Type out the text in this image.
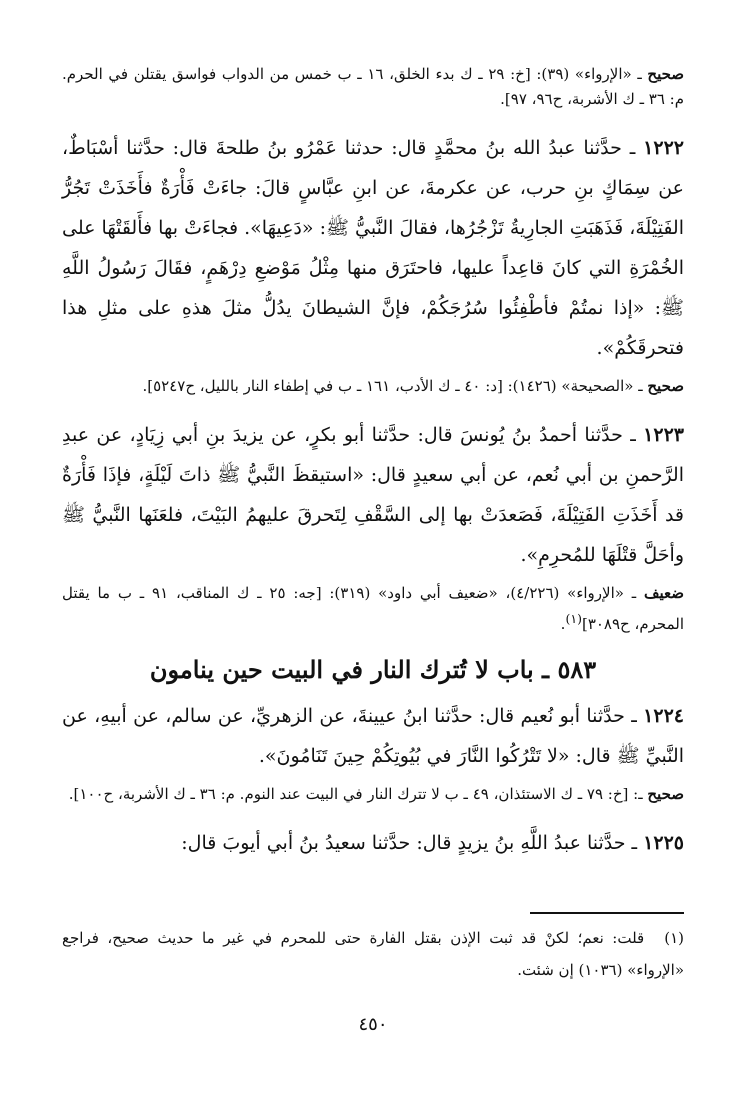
صحيح ـ «الإرواء» (٣٩): [خ: ٢٩ ـ ك بدء الخلق، ١٦ ـ ب خمس من الدواب فواسق يقتلن في الحرم. م: ٣٦ ـ ك الأشربة، ح٩٦، ٩٧].
١٢٢٢ ـ حدَّثنا عبدُ الله بنُ محمَّدٍ قال: حدثنا عَمْرُو بنُ طلحةَ قال: حدَّثنا أسْبَاطٌ، عن سِمَاكٍ بنِ حرب، عن عكرمةَ، عن ابنِ عبَّاسٍ قالَ: جاءَتْ فَأْرَةٌ فأَخَذَتْ تَجُرُّ الفَتِيْلَةَ، فَذَهَبَتِ الجارِيةُ تَزْجُرُها، فقالَ النَّبيُّ ﷺ: «دَعِيهَا». فجاءَتْ بها فأَلقَتْهَا على الخُمْرَةِ التي كانَ قاعِداً عليها، فاحتَرَق منها مِثْلُ مَوْضعِ دِرْهَمٍ، فقَالَ رَسُولُ اللَّهِ ﷺ: «إذا نمتُمْ فأطْفِئُوا سُرُجَكُمْ، فإنَّ الشيطانَ يدُلُّ مثلَ هذهِ على مثلِ هذا فتحرقَكُمْ».
صحيح ـ «الصحيحة» (١٤٢٦): [د: ٤٠ ـ ك الأدب، ١٦١ ـ ب في إطفاء النار بالليل، ح٥٢٤٧].
١٢٢٣ ـ حدَّثنا أحمدُ بنُ يُونسَ قال: حدَّثنا أبو بكرٍ، عن يزيدَ بنِ أبي زِيَادٍ، عن عبدِ الرَّحمنِ بن أبي نُعم، عن أبي سعيدٍ قال: «استيقظَ النَّبيُّ ﷺ ذاتَ لَيْلَةٍ، فإذَا فَأْرَةٌ قد أَخَذَتِ الفَتِيْلَةَ، فَصَعدَتْ بها إلى السَّقْفِ لِتَحرقَ عليهمُ البَيْتَ، فلعَنَها النَّبيُّ ﷺ وأحَلَّ قتْلَهَا للمُحرِمِ».
ضعيف ـ «الإرواء» (٤/٢٢٦)، «ضعيف أبي داود» (٣١٩): [جه: ٢٥ ـ ك المناقب، ٩١ ـ ب ما يقتل المحرم، ح٣٠٨٩]$^{(١)}$.
٥٨٣ ـ باب لا تُترك النار في البيت حين ينامون
١٢٢٤ ـ حدَّثنا أبو نُعيم قال: حدَّثنا ابنُ عيينةَ، عن الزهريِّ، عن سالم، عن أبيهِ، عن النَّبيِّ ﷺ قال: «لا تَتْرُكُوا النَّارَ في بُيُوتِكُمْ حِينَ تَنَامُونَ».
صحيح ـ: [خ: ٧٩ ـ ك الاستئذان، ٤٩ ـ ب لا تترك النار في البيت عند النوم. م: ٣٦ ـ ك الأشربة، ح١٠٠].
١٢٢٥ ـ حدَّثنا عبدُ اللَّهِ بنُ يزيدٍ قال: حدَّثنا سعيدُ بنُ أبي أيوبَ قال:
(١)قلت: نعم؛ لكنْ قد ثبت الإذن بقتل الفارة حتى للمحرم في غير ما حديث صحيح، فراجع «الإرواء» (١٠٣٦) إن شئت.
٤٥٠
